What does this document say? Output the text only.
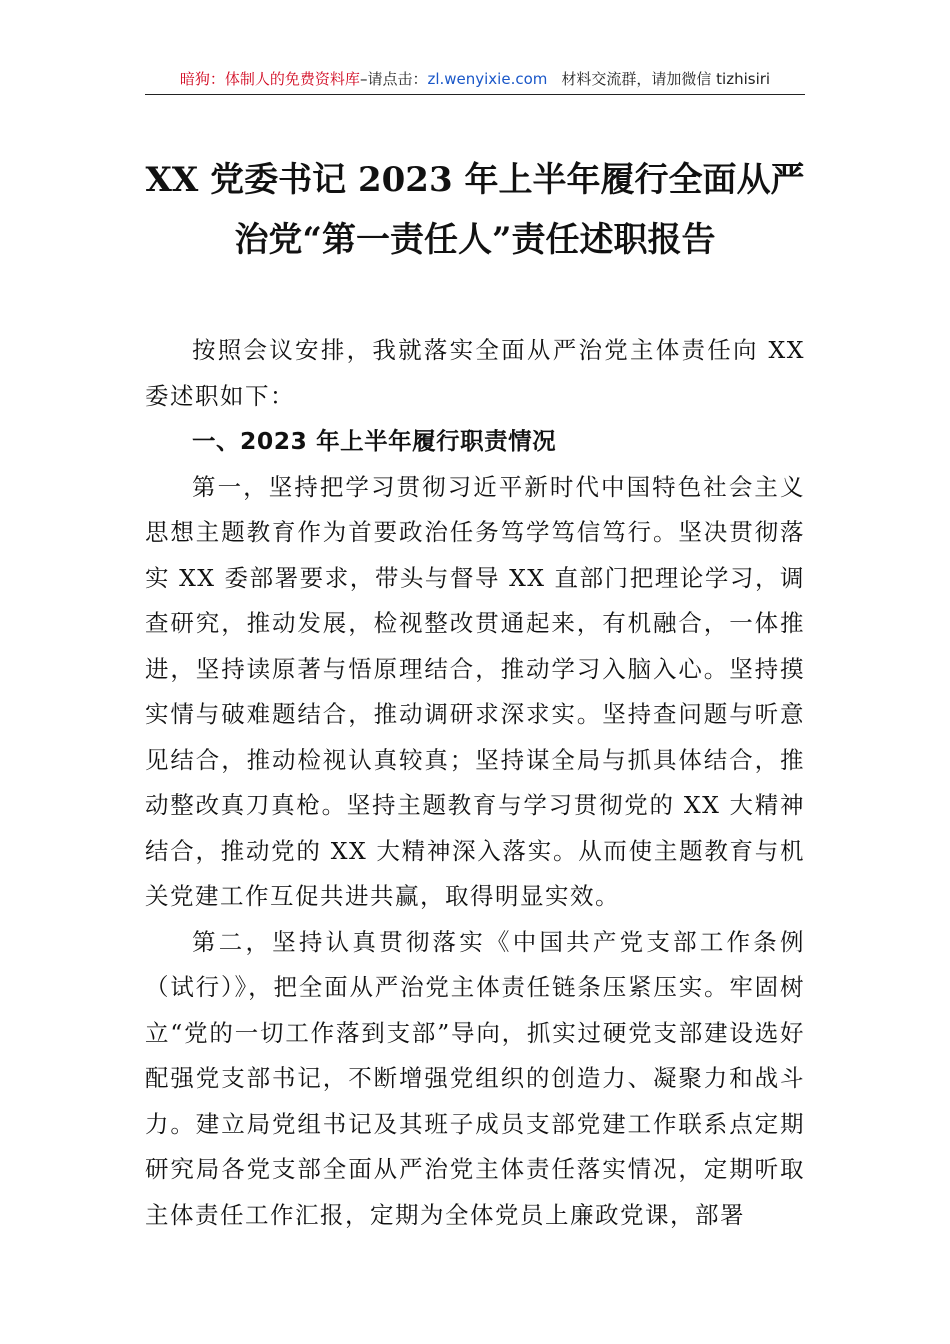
暗狗：体制人的免费资料库–请点击：zl.wenyixie.com 材料交流群，请加微信 tizhisiri
XX 党委书记 2023 年上半年履行全面从严
治党“第一责任人”责任述职报告

按照会议安排，我就落实全面从严治党主体责任向 XX 委述职如下：

一、2023 年上半年履行职责情况

第一，坚持把学习贯彻习近平新时代中国特色社会主义思想主题教育作为首要政治任务笃学笃信笃行。坚决贯彻落实 XX 委部署要求，带头与督导 XX 直部门把理论学习，调查研究，推动发展，检视整改贯通起来，有机融合，一体推进，坚持读原著与悟原理结合，推动学习入脑入心。坚持摸实情与破难题结合，推动调研求深求实。坚持查问题与听意见结合，推动检视认真较真；坚持谋全局与抓具体结合，推动整改真刀真枪。坚持主题教育与学习贯彻党的 XX 大精神结合，推动党的 XX 大精神深入落实。从而使主题教育与机关党建工作互促共进共赢，取得明显实效。

第二，坚持认真贯彻落实《中国共产党支部工作条例（试行）》，把全面从严治党主体责任链条压紧压实。牢固树立“党的一切工作落到支部”导向，抓实过硬党支部建设选好配强党支部书记，不断增强党组织的创造力、凝聚力和战斗力。建立局党组书记及其班子成员支部党建工作联系点定期研究局各党支部全面从严治党主体责任落实情况，定期听取主体责任工作汇报，定期为全体党员上廉政党课，部署
